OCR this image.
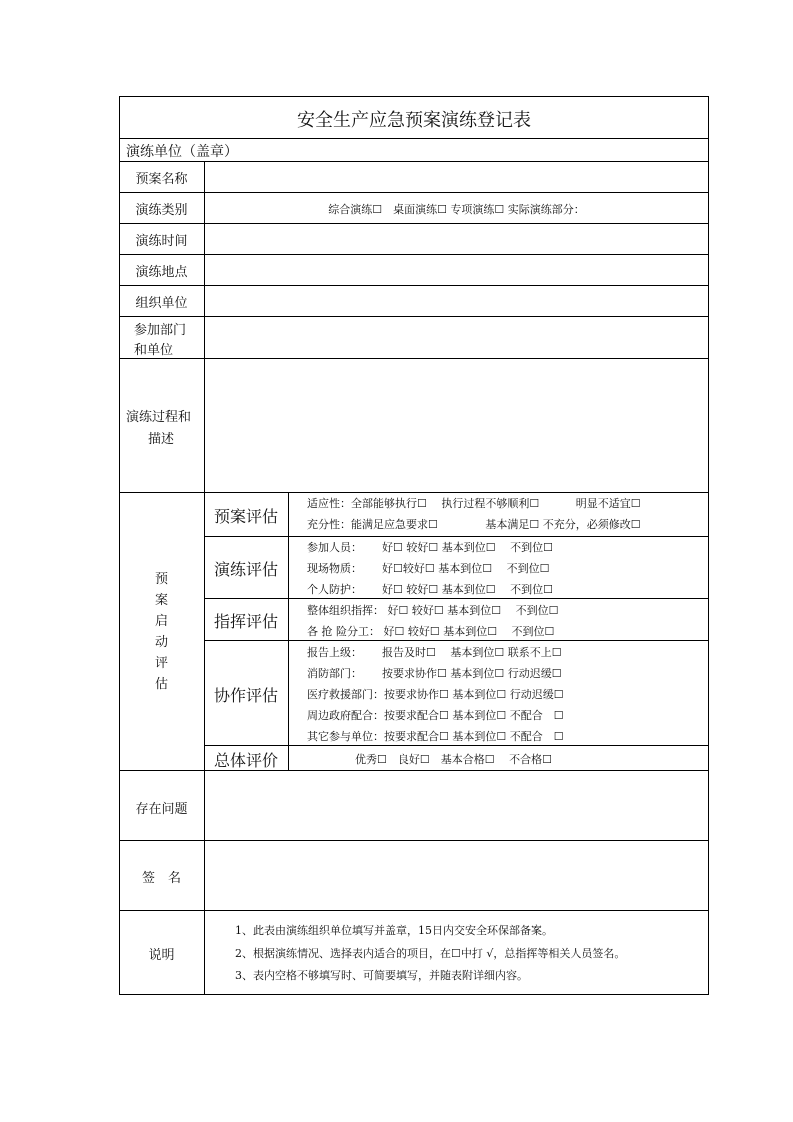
安全生产应急预案演练登记表
演练单位（盖章）
预案名称
演练类别	综合演练☐　桌面演练☐ 专项演练☐ 实际演练部分：
演练时间
演练地点
组织单位
参加部门
和单位
演练过程和
描述
预
案
启
动
评
估
预案评估
适应性：全部能够执行☐　 执行过程不够顺利☐　　　 明显不适宜☐
充分性：能满足应急要求☐　　　　 基本满足☐ 不充分，必须修改☐
演练评估
参加人员：　　 好☐ 较好☐ 基本到位☐　 不到位☐
现场物质：　　 好☐较好☐ 基本到位☐　 不到位☐
个人防护：　　 好☐ 较好☐ 基本到位☐　 不到位☐
指挥评估
整体组织指挥： 好☐ 较好☐ 基本到位☐　 不到位☐
各 抢 险分工： 好☐ 较好☐ 基本到位☐　 不到位☐
协作评估
报告上级：　　 报告及时☐　 基本到位☐ 联系不上☐
消防部门：　　 按要求协作☐ 基本到位☐ 行动迟缓☐
医疗救援部门：按要求协作☐ 基本到位☐ 行动迟缓☐
周边政府配合：按要求配合☐ 基本到位☐ 不配合　☐
其它参与单位：按要求配合☐ 基本到位☐ 不配合　☐
总体评价	优秀☐　良好☐　基本合格☐　 不合格☐
存在问题
签　名
说明
1、此表由演练组织单位填写并盖章，15日内交安全环保部备案。
2、根据演练情况、选择表内适合的项目，在☐中打 √，总指挥等相关人员签名。
3、表内空格不够填写时、可简要填写，并随表附详细内容。
